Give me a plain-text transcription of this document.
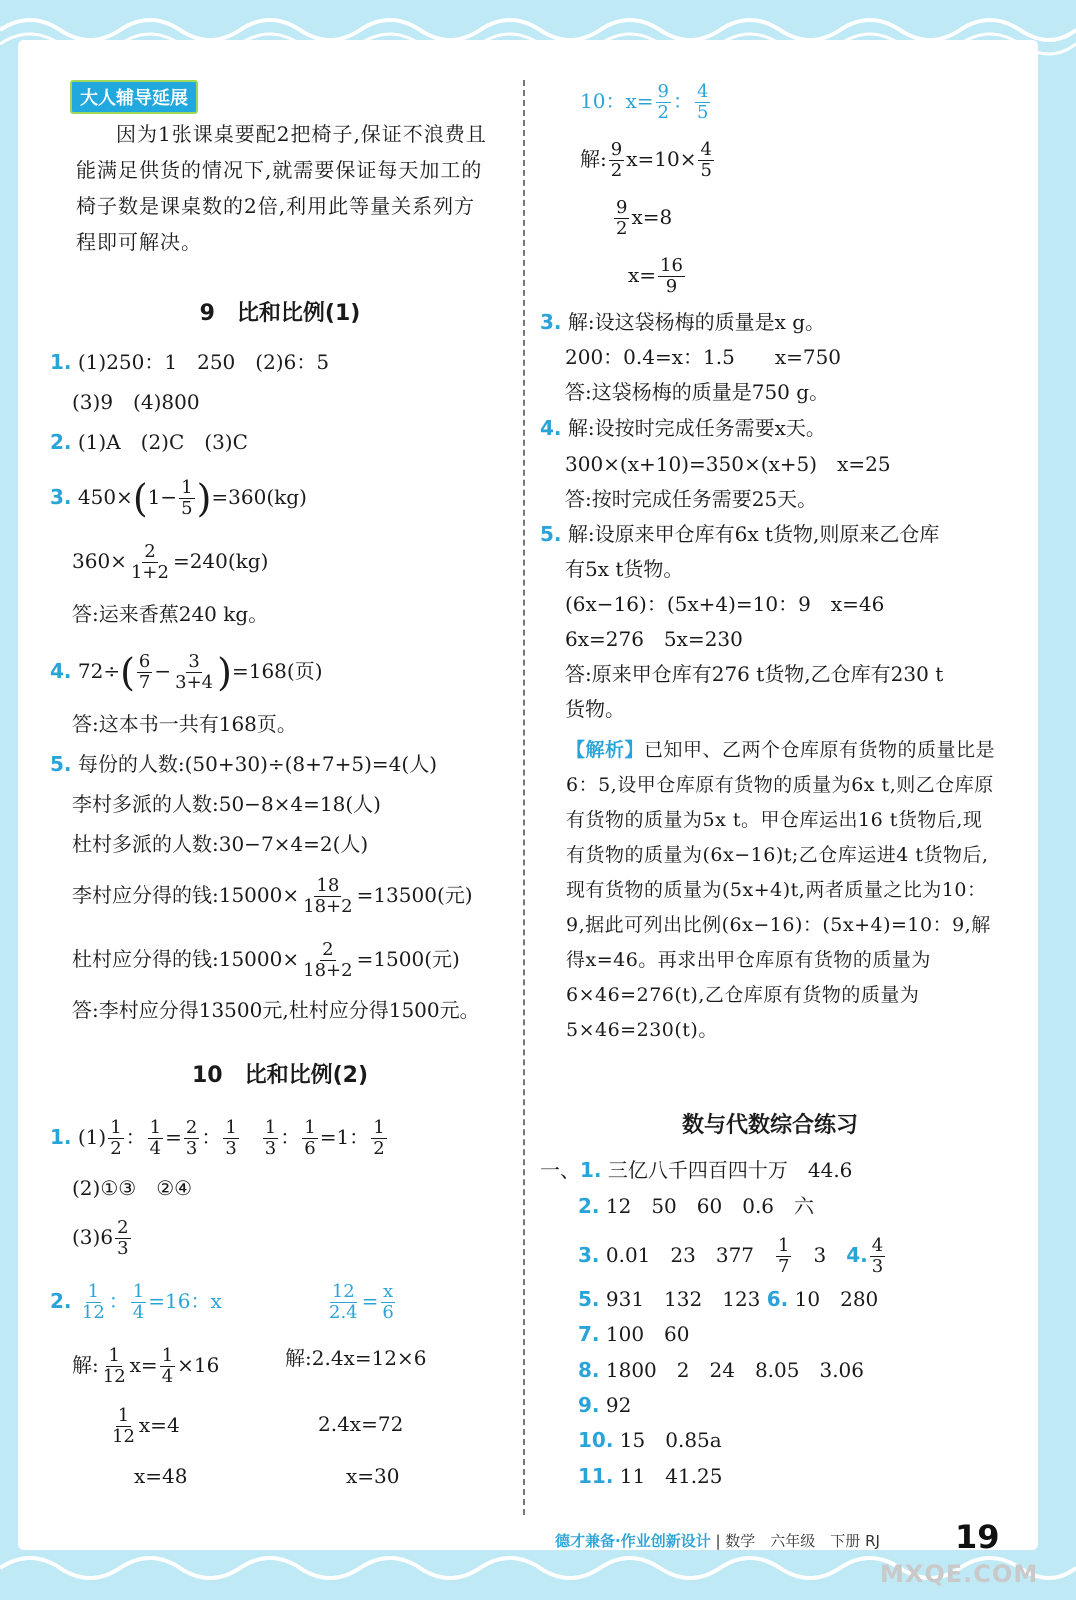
大人辅导延展
因为1张课桌要配2把椅子,保证不浪费且能满足供货的情况下,就需要保证每天加工的椅子数是课桌数的2倍,利用此等量关系列方程即可解决。
9　比和比例(1)
1. (1)250：1　250　(2)6：5
(3)9　(4)800
2. (1)A　(2)C　(3)C
3. $450\times(1- \frac{1}{5} )=360(kg)$
$360\times \frac{2}{1+2} =240(kg)$
答:运来香蕉240 kg。
4. $72\div( \frac{6}{7} - \frac{3}{3+4} )=168$(页)
答:这本书一共有168页。
5. 每份的人数:(50+30)÷(8+7+5)=4(人)
李村多派的人数:50−8×4=18(人)
杜村多派的人数:30−7×4=2(人)
李村应分得的钱:15000× $\frac{18}{18+2} =13500$(元)
杜村应分得的钱:15000× $\frac{2}{18+2} =1500$(元)
答:李村应分得13500元,杜村应分得1500元。
10　比和比例(2)
1. $(1) \frac{1}{2}$ ： $\frac{1}{4} = \frac{2}{3}$ ： $\frac{1}{3}$
　 $\frac{1}{3}$ ： $\frac{1}{6} =1$： $\frac{1}{2}$
(2)①③　②④
$(3)6 \frac{2}{3}$
2. $\frac{1}{12}$ ： $\frac{1}{4} =16$：x	$\frac{12}{2.4} = \frac{x}{6}$
解: $\frac{1}{12} x= \frac{1}{4} \times 16$	解:2.4x=12×6
$\frac{1}{12} x=4$	2.4x=72
x=48	x=30
10：$x= \frac{9}{2}$ ： $\frac{4}{5}$
解: $\frac{9}{2} x=10\times \frac{4}{5}$
$\frac{9}{2} x=8$
$x= \frac{16}{9}$
3. 解:设这袋杨梅的质量是x g。
200：0.4=x：1.5　　x=750
答:这袋杨梅的质量是750 g。
4. 解:设按时完成任务需要x天。
300×(x+10)=350×(x+5)　x=25
答:按时完成任务需要25天。
5. 解:设原来甲仓库有6x t货物,则原来乙仓库
有5x t货物。
(6x−16)：(5x+4)=10：9　x=46
6x=276　5x=230
答:原来甲仓库有276 t货物,乙仓库有230 t
货物。
【解析】已知甲、乙两个仓库原有货物的质量比是6：5,设甲仓库原有货物的质量为6x t,则乙仓库原有货物的质量为5x t。甲仓库运出16 t货物后,现有货物的质量为(6x−16)t;乙仓库运进4 t货物后,现有货物的质量为(5x+4)t,两者质量之比为10：9,据此可列出比例(6x−16)：(5x+4)=10：9,解得x=46。再求出甲仓库原有货物的质量为6×46=276(t),乙仓库原有货物的质量为5×46=230(t)。
数与代数综合练习
一、1. 三亿八千四百四十万　44.6
2. 12　50　60　0.6　六
3. 0.01　23　377　 $\frac{1}{7}$
　 3　 4. $\frac{4}{3}$
5. 931　132　123 6. 10　280
7. 100　60
8. 1800　2　24　8.05　3.06
9. 92
10. 15　0.85a
11. 11　41.25
德才兼备·作业创新设计 | 数学　六年级　下册 RJ 19
MXQE.COM
